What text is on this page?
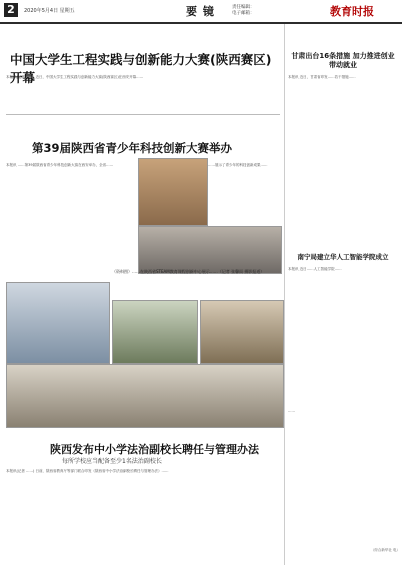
2	2020年5月4日 星期五	要 镜	责任编辑：
电子邮箱：	教育时报
中国大学生工程实践与创新能力大赛(陕西赛区)开幕
本报讯(记者 ……) 近日，中国大学生工程实践与创新能力大赛(陕西赛区)在西安开幕……
第39届陕西省青少年科技创新大赛举办
本报讯 ……第39届陕西省青少年科技创新大赛在西安举办，全省……	……展示了青少年的科技创新成果……
（资料图）……在陕西省STEAM教育课程创新中心展示……（记者 张馨雨 摄影报道）
陕西发布中小学法治副校长聘任与管理办法
每所学校应当配备至少1名法治副校长
本报讯(记者 ……) 日前，陕西省教育厅等部门联合印发《陕西省中小学法治副校长聘任与管理办法》……
甘肃出台16条措施 加力推进创业带动就业
本报讯 近日，甘肃省印发……若干措施……
南宁局建立华人工智能学院成立
本报讯 近日……人工智能学院……
……
（综合新华社 电）
